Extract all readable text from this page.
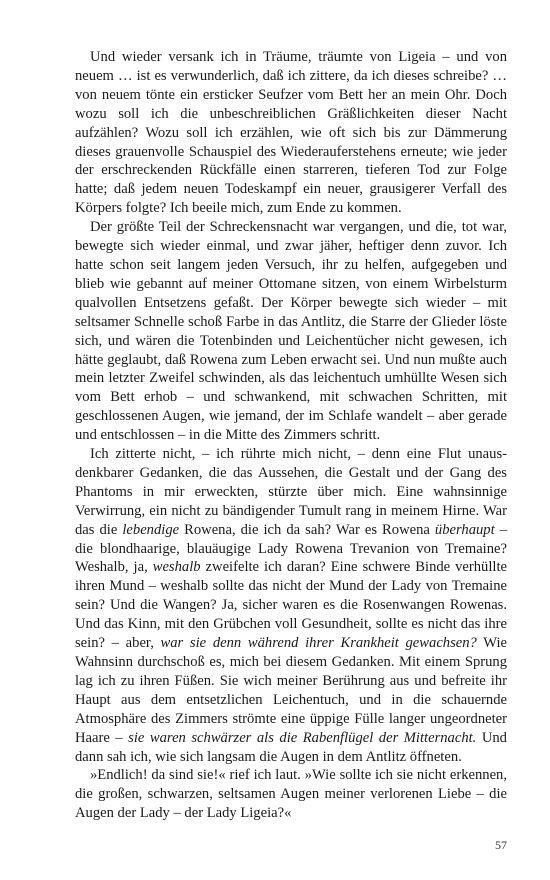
Und wieder versank ich in Träume, träumte von Ligeia – und von neuem … ist es verwunderlich, daß ich zittere, da ich dieses schreibe? … von neuem tönte ein ersticker Seufzer vom Bett her an mein Ohr. Doch wozu soll ich die unbeschreiblichen Gräßlichkeiten dieser Nacht aufzählen? Wozu soll ich erzählen, wie oft sich bis zur Dämmerung dieses grauenvolle Schauspiel des Wiederauferstehens erneute; wie jeder der erschreckenden Rückfälle einen starreren, tieferen Tod zur Folge hatte; daß jedem neuen Todeskampf ein neuer, grausigerer Verfall des Körpers folgte? Ich beeile mich, zum Ende zu kommen.

Der größte Teil der Schreckensnacht war vergangen, und die, tot war, bewegte sich wieder einmal, und zwar jäher, heftiger denn zuvor. Ich hatte schon seit langem jeden Versuch, ihr zu helfen, aufgegeben und blieb wie gebannt auf meiner Ottomane sitzen, von einem Wirbelsturm qualvollen Entsetzens gefaßt. Der Körper bewegte sich wieder – mit seltsamer Schnelle schoß Farbe in das Antlitz, die Starre der Glieder löste sich, und wären die Totenbinden und Leichentücher nicht gewesen, ich hätte geglaubt, daß Rowena zum Leben erwacht sei. Und nun mußte auch mein letzter Zweifel schwinden, als das leichentuch umhüllte Wesen sich vom Bett erhob – und schwankend, mit schwachen Schritten, mit geschlossenen Augen, wie jemand, der im Schlafe wandelt – aber gerade und entschlossen – in die Mitte des Zimmers schritt.

Ich zitterte nicht, – ich rührte mich nicht, – denn eine Flut unausdenkbarer Gedanken, die das Aussehen, die Gestalt und der Gang des Phantoms in mir erweckten, stürzte über mich. Eine wahnsinnige Verwirrung, ein nicht zu bändigender Tumult rang in meinem Hirne. War das die lebendige Rowena, die ich da sah? War es Rowena überhaupt – die blondhaarige, blauäugige Lady Rowena Trevanion von Tremaine? Weshalb, ja, weshalb zweifelte ich daran? Eine schwere Binde verhüllte ihren Mund – weshalb sollte das nicht der Mund der Lady von Tremaine sein? Und die Wangen? Ja, sicher waren es die Rosenwangen Rowenas. Und das Kinn, mit den Grübchen voll Gesundheit, sollte es nicht das ihre sein? – aber, war sie denn während ihrer Krankheit gewachsen? Wie Wahnsinn durchschoß es, mich bei diesem Gedanken. Mit einem Sprung lag ich zu ihren Füßen. Sie wich meiner Berührung aus und befreite ihr Haupt aus dem entsetzlichen Leichentuch, und in die schauernde Atmosphäre des Zimmers strömte eine üppige Fülle langer ungeordneter Haare – sie waren schwärzer als die Rabenflügel der Mitternacht. Und dann sah ich, wie sich langsam die Augen in dem Antlitz öffneten.

»Endlich! da sind sie!« rief ich laut. »Wie sollte ich sie nicht erkennen, die großen, schwarzen, seltsamen Augen meiner verlorenen Liebe – die Augen der Lady – der Lady Ligeia?«

57
